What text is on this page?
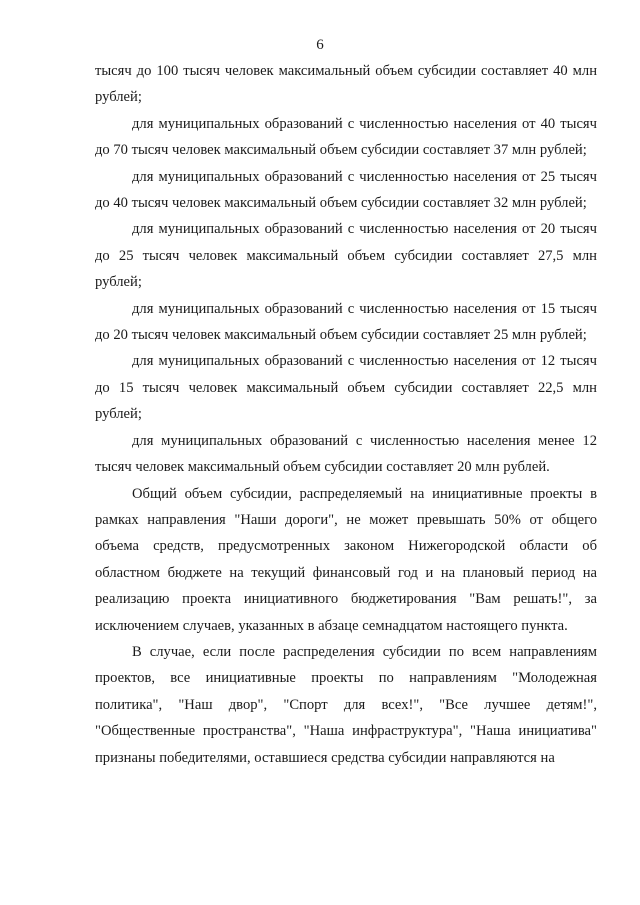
6

тысяч до 100 тысяч человек максимальный объем субсидии составляет 40 млн рублей;

для муниципальных образований с численностью населения от 40 тысяч до 70 тысяч человек максимальный объем субсидии составляет 37 млн рублей;

для муниципальных образований с численностью населения от 25 тысяч до 40 тысяч человек максимальный объем субсидии составляет 32 млн рублей;

для муниципальных образований с численностью населения от 20 тысяч до 25 тысяч человек максимальный объем субсидии составляет 27,5 млн рублей;

для муниципальных образований с численностью населения от 15 тысяч до 20 тысяч человек максимальный объем субсидии составляет 25 млн рублей;

для муниципальных образований с численностью населения от 12 тысяч до 15 тысяч человек максимальный объем субсидии составляет 22,5 млн рублей;

для муниципальных образований с численностью населения менее 12 тысяч человек максимальный объем субсидии составляет 20 млн рублей.

Общий объем субсидии, распределяемый на инициативные проекты в рамках направления "Наши дороги", не может превышать 50% от общего объема средств, предусмотренных законом Нижегородской области об областном бюджете на текущий финансовый год и на плановый период на реализацию проекта инициативного бюджетирования "Вам решать!", за исключением случаев, указанных в абзаце семнадцатом настоящего пункта.

В случае, если после распределения субсидии по всем направлениям проектов, все инициативные проекты по направлениям "Молодежная политика", "Наш двор", "Спорт для всех!", "Все лучшее детям!", "Общественные пространства", "Наша инфраструктура", "Наша инициатива" признаны победителями, оставшиеся средства субсидии направляются на
